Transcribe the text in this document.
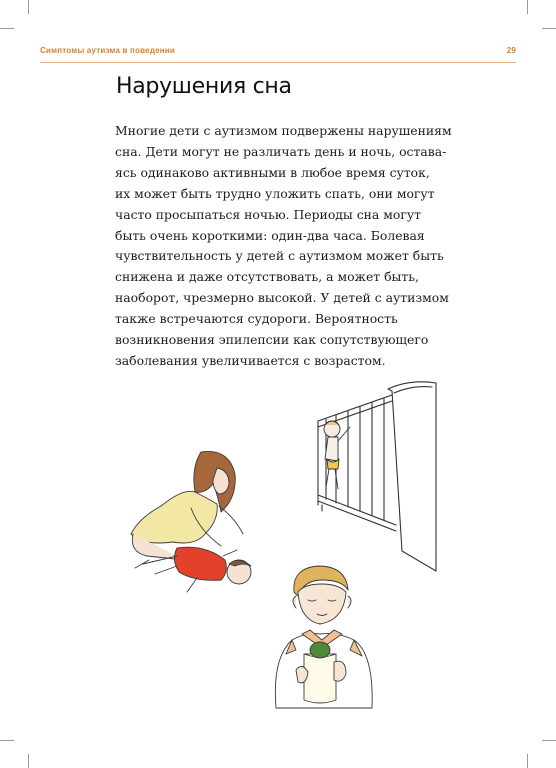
Симптомы аутизма в поведении	29
Нарушения сна

Многие дети с аутизмом подвержены нарушениям
сна. Дети могут не различать день и ночь, остава-
ясь одинаково активными в любое время суток,
их может быть трудно уложить спать, они могут
часто просыпаться ночью. Периоды сна могут
быть очень короткими: один-два часа. Болевая
чувствительность у детей с аутизмом может быть
снижена и даже отсутствовать, а может быть,
наоборот, чрезмерно высокой. У детей с аутизмом
также встречаются судороги. Вероятность
возникновения эпилепсии как сопутствующего
заболевания увеличивается с возрастом.
